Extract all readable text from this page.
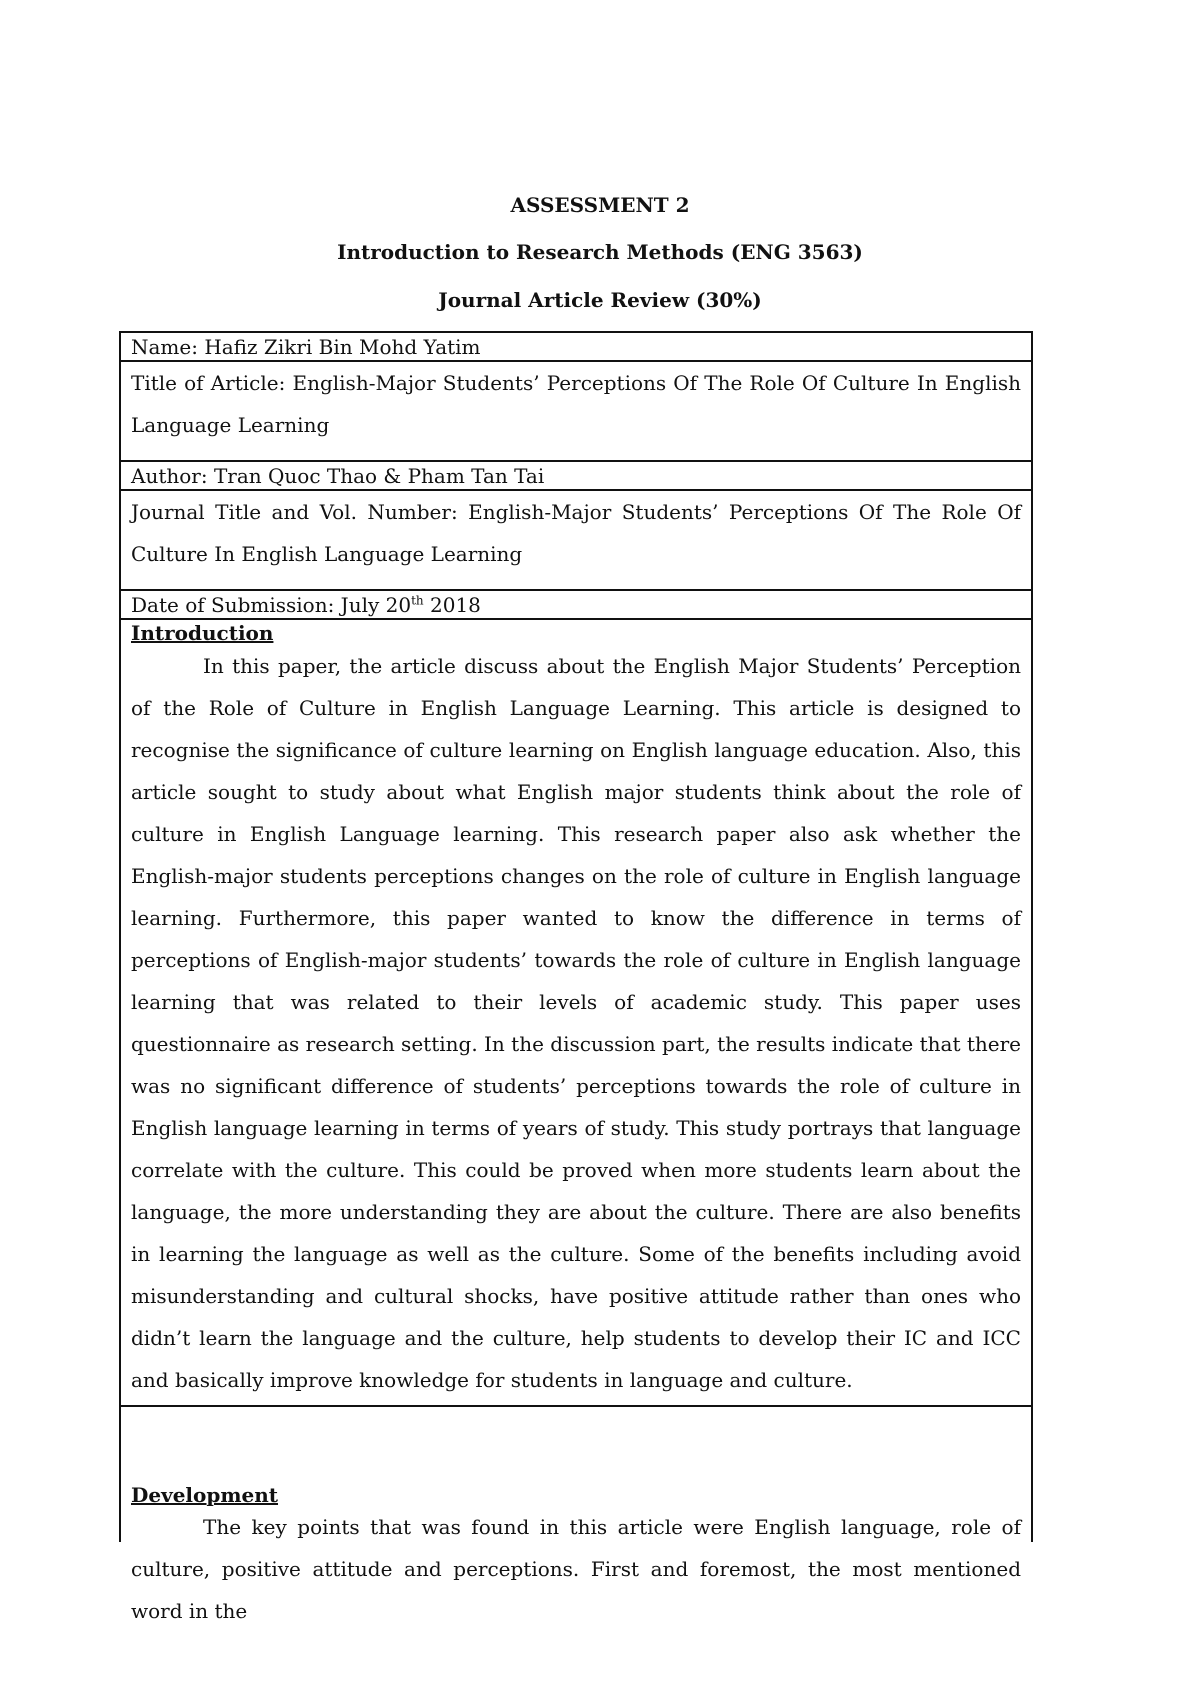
ASSESSMENT 2
Introduction to Research Methods (ENG 3563)
Journal Article Review (30%)
Name: Hafiz Zikri Bin Mohd Yatim
Title of Article: English-Major Students’ Perceptions Of The Role Of Culture In English Language Learning
Author: Tran Quoc Thao & Pham Tan Tai
Journal Title and Vol. Number: English-Major Students’ Perceptions Of The Role Of Culture In English Language Learning
Date of Submission: July 20th 2018
Introduction
In this paper, the article discuss about the English Major Students’ Perception of the Role of Culture in English Language Learning. This article is designed to recognise the significance of culture learning on English language education. Also, this article sought to study about what English major students think about the role of culture in English Language learning. This research paper also ask whether the English-major students perceptions changes on the role of culture in English language learning. Furthermore, this paper wanted to know the difference in terms of perceptions of English-major students’ towards the role of culture in English language learning that was related to their levels of academic study. This paper uses questionnaire as research setting. In the discussion part, the results indicate that there was no significant difference of students’ perceptions towards the role of culture in English language learning in terms of years of study. This study portrays that language correlate with the culture. This could be proved when more students learn about the language, the more understanding they are about the culture. There are also benefits in learning the language as well as the culture. Some of the benefits including avoid misunderstanding and cultural shocks, have positive attitude rather than ones who didn’t learn the language and the culture, help students to develop their IC and ICC and basically improve knowledge for students in language and culture.
Development
The key points that was found in this article were English language, role of culture, positive attitude and perceptions. First and foremost, the most mentioned word in the
